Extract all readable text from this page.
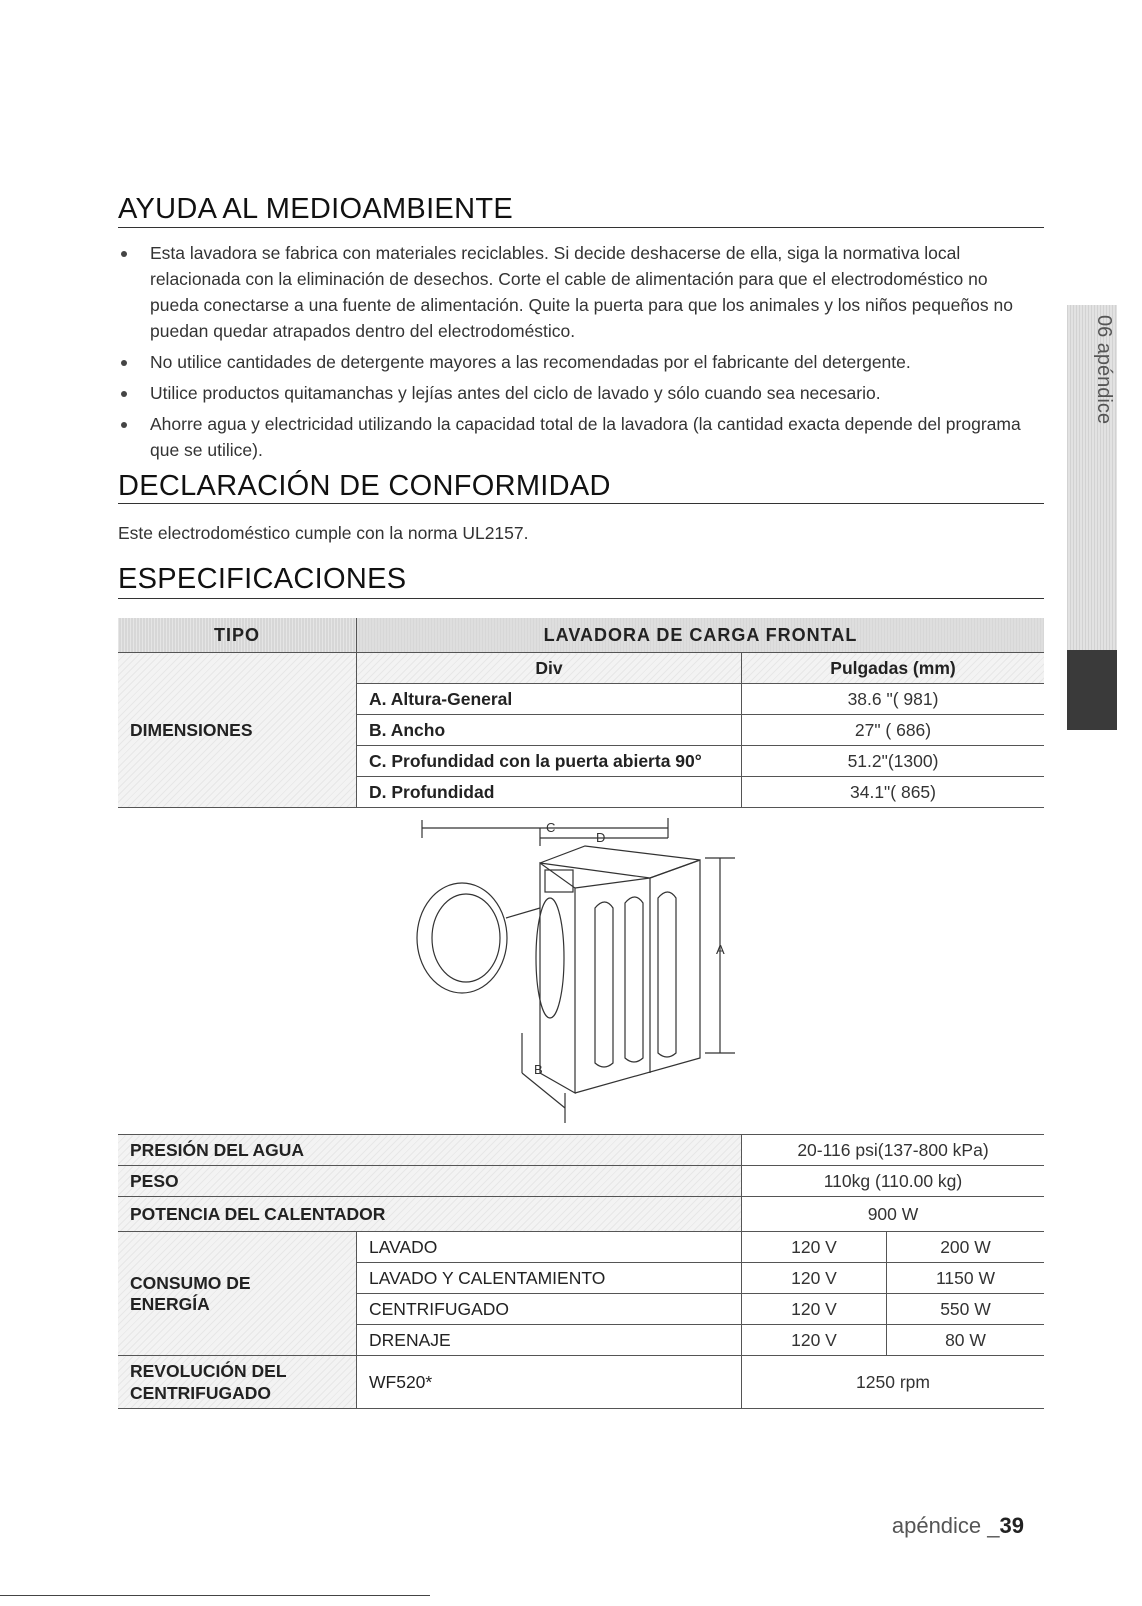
06 apéndice
AYUDA AL MEDIOAMBIENTE
Esta lavadora se fabrica con materiales reciclables. Si decide deshacerse de ella, siga la normativa local relacionada con la eliminación de desechos. Corte el cable de alimentación para que el electrodoméstico no pueda conectarse a una fuente de alimentación. Quite la puerta para que los animales y los niños pequeños no puedan quedar atrapados dentro del electrodoméstico.
No utilice cantidades de detergente mayores a las recomendadas por el fabricante del detergente.
Utilice productos quitamanchas y lejías antes del ciclo de lavado y sólo cuando sea necesario.
Ahorre agua y electricidad utilizando la capacidad total de la lavadora (la cantidad exacta depende del programa que se utilice).
DECLARACIÓN DE CONFORMIDAD
Este electrodoméstico cumple con la norma UL2157.
ESPECIFICACIONES
TIPO	LAVADORA DE CARGA FRONTAL	
DIMENSIONES	Div	Pulgadas (mm)
	A. Altura-General	38.6 "( 981)
	B. Ancho	27" ( 686)
	C. Profundidad con la puerta abierta 90°	51.2"(1300)
	D. Profundidad	34.1"( 865)
C
D
A
B
PRESIÓN DEL AGUA		20-116 psi(137-800 kPa)	
PESO		110kg (110.00 kg)	
POTENCIA DEL CALENTADOR		900 W	

CONSUMO DE
ENERGÍA	LAVADO	120 V	200 W
	LAVADO Y CALENTAMIENTO	120 V	1150 W
	CENTRIFUGADO	120 V	550 W
	DRENAJE	120 V	80 W

REVOLUCIÓN DEL
CENTRIFUGADO	WF520*	1250 rpm	
apéndice _39
